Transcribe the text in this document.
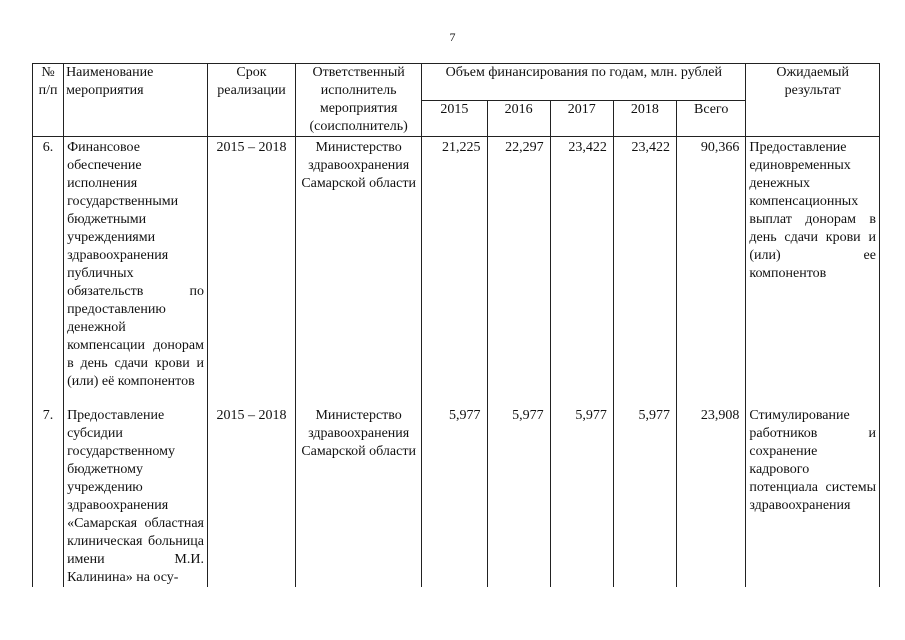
7
№ п/п	Наименование мероприятия	Срок реализации	Ответственный исполнитель мероприятия (соисполнитель)	Объем финансирования по годам, млн. рублей					Ожидаемый результат
				2015	2016	2017	2018	Всего	
6.	Финансовое обеспечение исполнения государственными бюджетными учреждениями здравоохранения публичных обязательств по предоставлению денежной компенсации донорам в день сдачи крови и (или) её компонентов	2015 – 2018	Министерство здравоохранения Самарской области	21,225	22,297	23,422	23,422	90,366	Предоставление единовременных денежных компенсационных выплат донорам в день сдачи крови и (или) ее компонентов
7.	Предоставление субсидии государственному бюджетному учреждению здравоохранения «Самарская областная клиническая больница имени М.И. Калинина» на осу-	2015 – 2018	Министерство здравоохранения Самарской области	5,977	5,977	5,977	5,977	23,908	Стимулирование работников и сохранение кадрового потенциала системы здравоохранения
